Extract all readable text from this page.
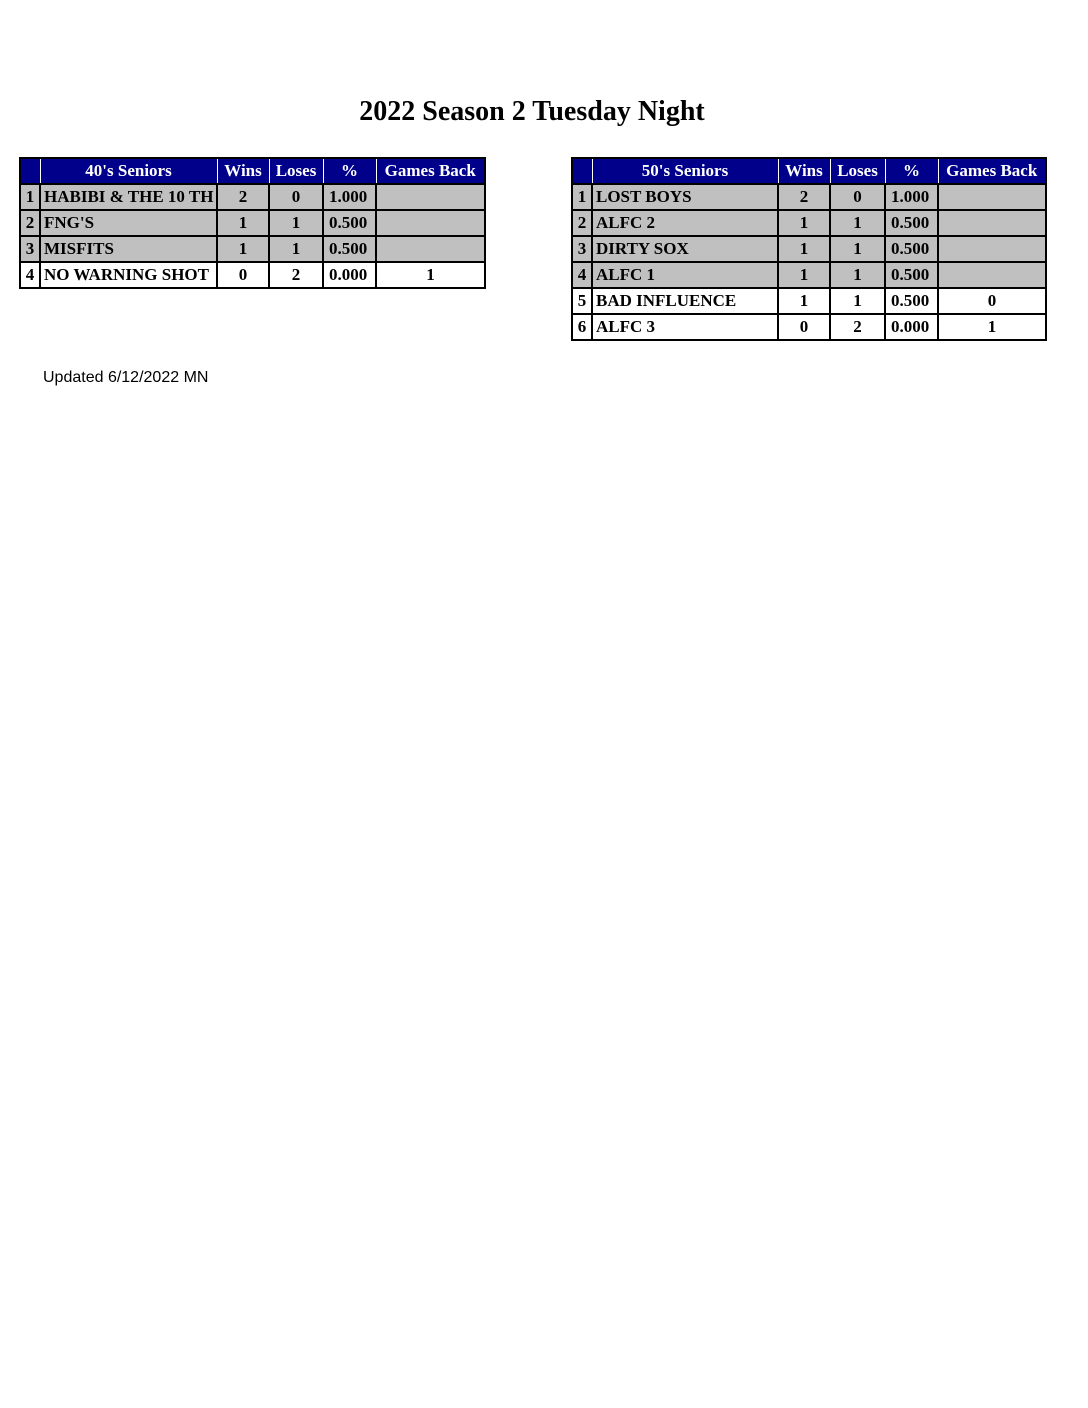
2022 Season 2 Tuesday Night
	40's Seniors	Wins	Loses	%	Games Back
1	HABIBI & THE 10 TH	2	0	1.000	
2	FNG'S	1	1	0.500	
3	MISFITS	1	1	0.500	
4	NO WARNING SHOT	0	2	0.000	1
	50's Seniors	Wins	Loses	%	Games Back
1	LOST BOYS	2	0	1.000	
2	ALFC 2	1	1	0.500	
3	DIRTY SOX	1	1	0.500	
4	ALFC 1	1	1	0.500	
5	BAD INFLUENCE	1	1	0.500	0
6	ALFC 3	0	2	0.000	1

Updated 6/12/2022 MN
